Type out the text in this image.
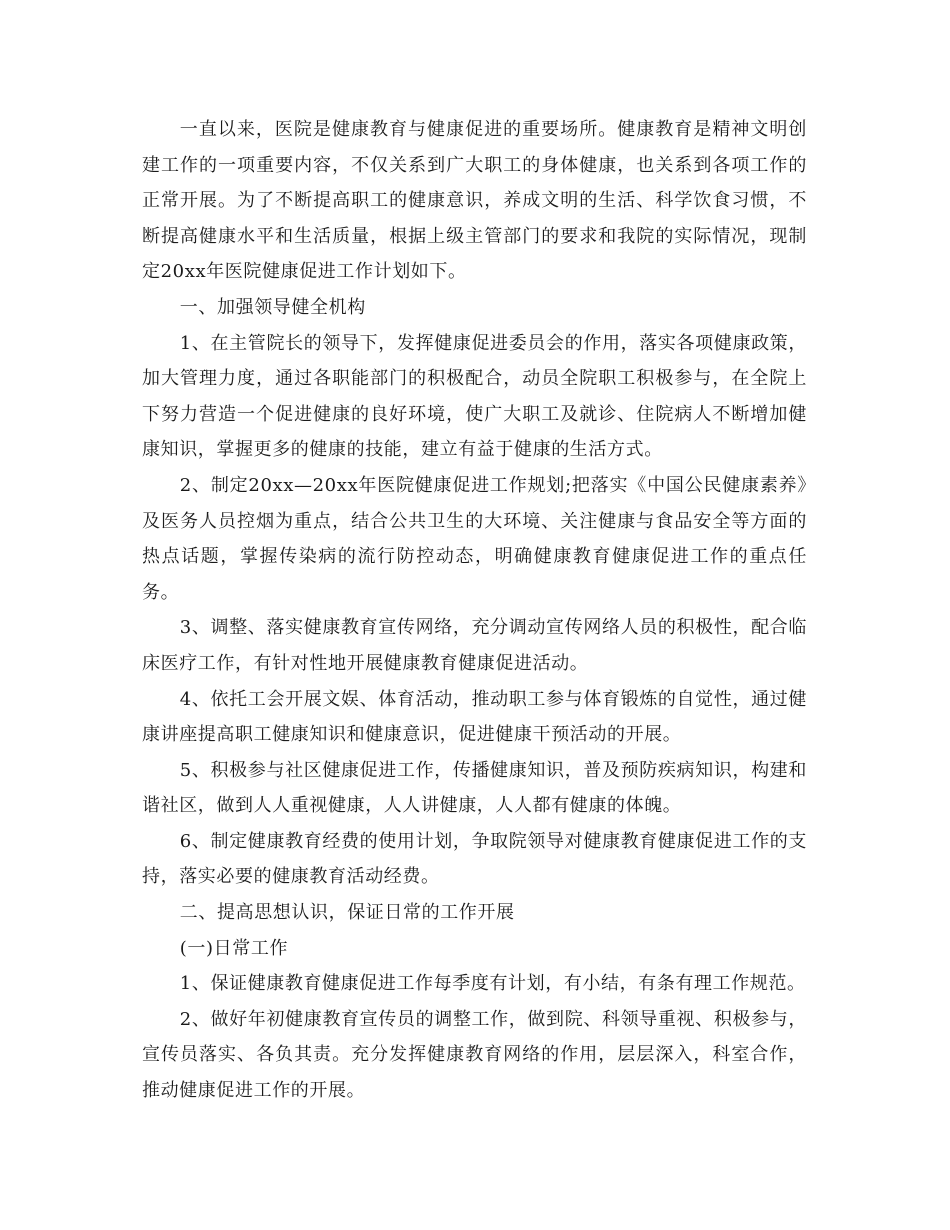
一直以来，医院是健康教育与健康促进的重要场所。健康教育是精神文明创建工作的一项重要内容，不仅关系到广大职工的身体健康，也关系到各项工作的正常开展。为了不断提高职工的健康意识，养成文明的生活、科学饮食习惯，不断提高健康水平和生活质量，根据上级主管部门的要求和我院的实际情况，现制定20xx年医院健康促进工作计划如下。

一、加强领导健全机构

1、在主管院长的领导下，发挥健康促进委员会的作用，落实各项健康政策，加大管理力度，通过各职能部门的积极配合，动员全院职工积极参与，在全院上下努力营造一个促进健康的良好环境，使广大职工及就诊、住院病人不断增加健康知识，掌握更多的健康的技能，建立有益于健康的生活方式。

2、制定20xx—20xx年医院健康促进工作规划;把落实《中国公民健康素养》及医务人员控烟为重点，结合公共卫生的大环境、关注健康与食品安全等方面的热点话题，掌握传染病的流行防控动态，明确健康教育健康促进工作的重点任务。

3、调整、落实健康教育宣传网络，充分调动宣传网络人员的积极性，配合临床医疗工作，有针对性地开展健康教育健康促进活动。

4、依托工会开展文娱、体育活动，推动职工参与体育锻炼的自觉性，通过健康讲座提高职工健康知识和健康意识，促进健康干预活动的开展。

5、积极参与社区健康促进工作，传播健康知识，普及预防疾病知识，构建和谐社区，做到人人重视健康，人人讲健康，人人都有健康的体魄。

6、制定健康教育经费的使用计划，争取院领导对健康教育健康促进工作的支持，落实必要的健康教育活动经费。

二、提高思想认识，保证日常的工作开展

(一)日常工作

1、保证健康教育健康促进工作每季度有计划，有小结，有条有理工作规范。

2、做好年初健康教育宣传员的调整工作，做到院、科领导重视、积极参与，宣传员落实、各负其责。充分发挥健康教育网络的作用，层层深入，科室合作，推动健康促进工作的开展。
